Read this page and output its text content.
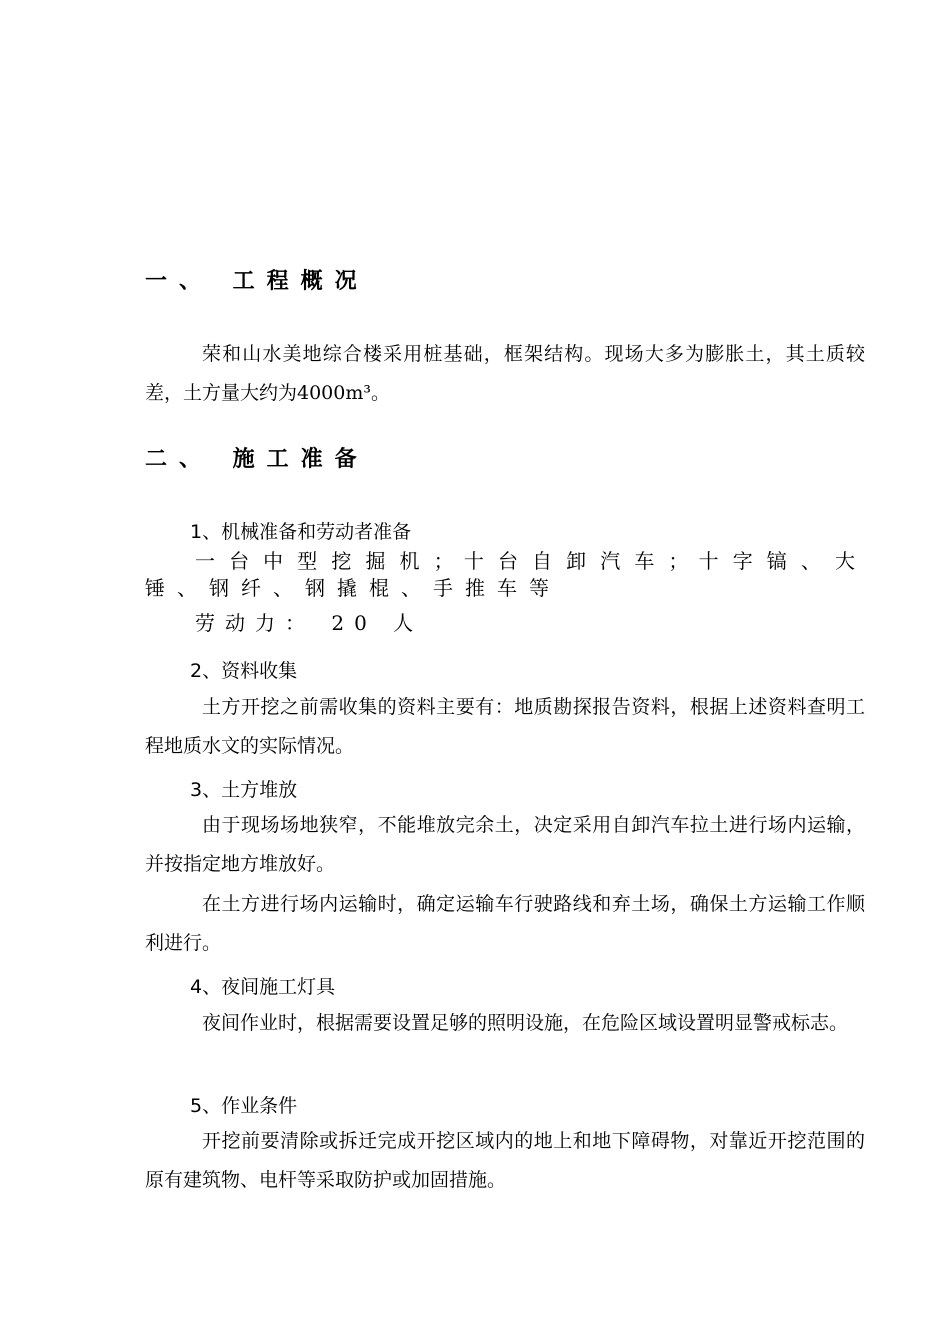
一、 工程概况

荣和山水美地综合楼采用桩基础，框架结构。现场大多为膨胀土，其土质较差，土方量大约为4000m³。

二、 施工准备
1、机械准备和劳动者准备
一 台 中 型 挖 掘 机 ； 十 台 自 卸 汽 车 ； 十 字 镐 、 大
锤、钢纤、钢撬棍、手推车等
劳动力： 20 人
2、资料收集

土方开挖之前需收集的资料主要有：地质勘探报告资料，根据上述资料查明工程地质水文的实际情况。

3、土方堆放

由于现场场地狭窄，不能堆放完余土，决定采用自卸汽车拉土进行场内运输，并按指定地方堆放好。

在土方进行场内运输时，确定运输车行驶路线和弃土场，确保土方运输工作顺利进行。

4、夜间施工灯具

夜间作业时，根据需要设置足够的照明设施，在危险区域设置明显警戒标志。

5、作业条件

开挖前要清除或拆迁完成开挖区域内的地上和地下障碍物，对靠近开挖范围的原有建筑物、电杆等采取防护或加固措施。
